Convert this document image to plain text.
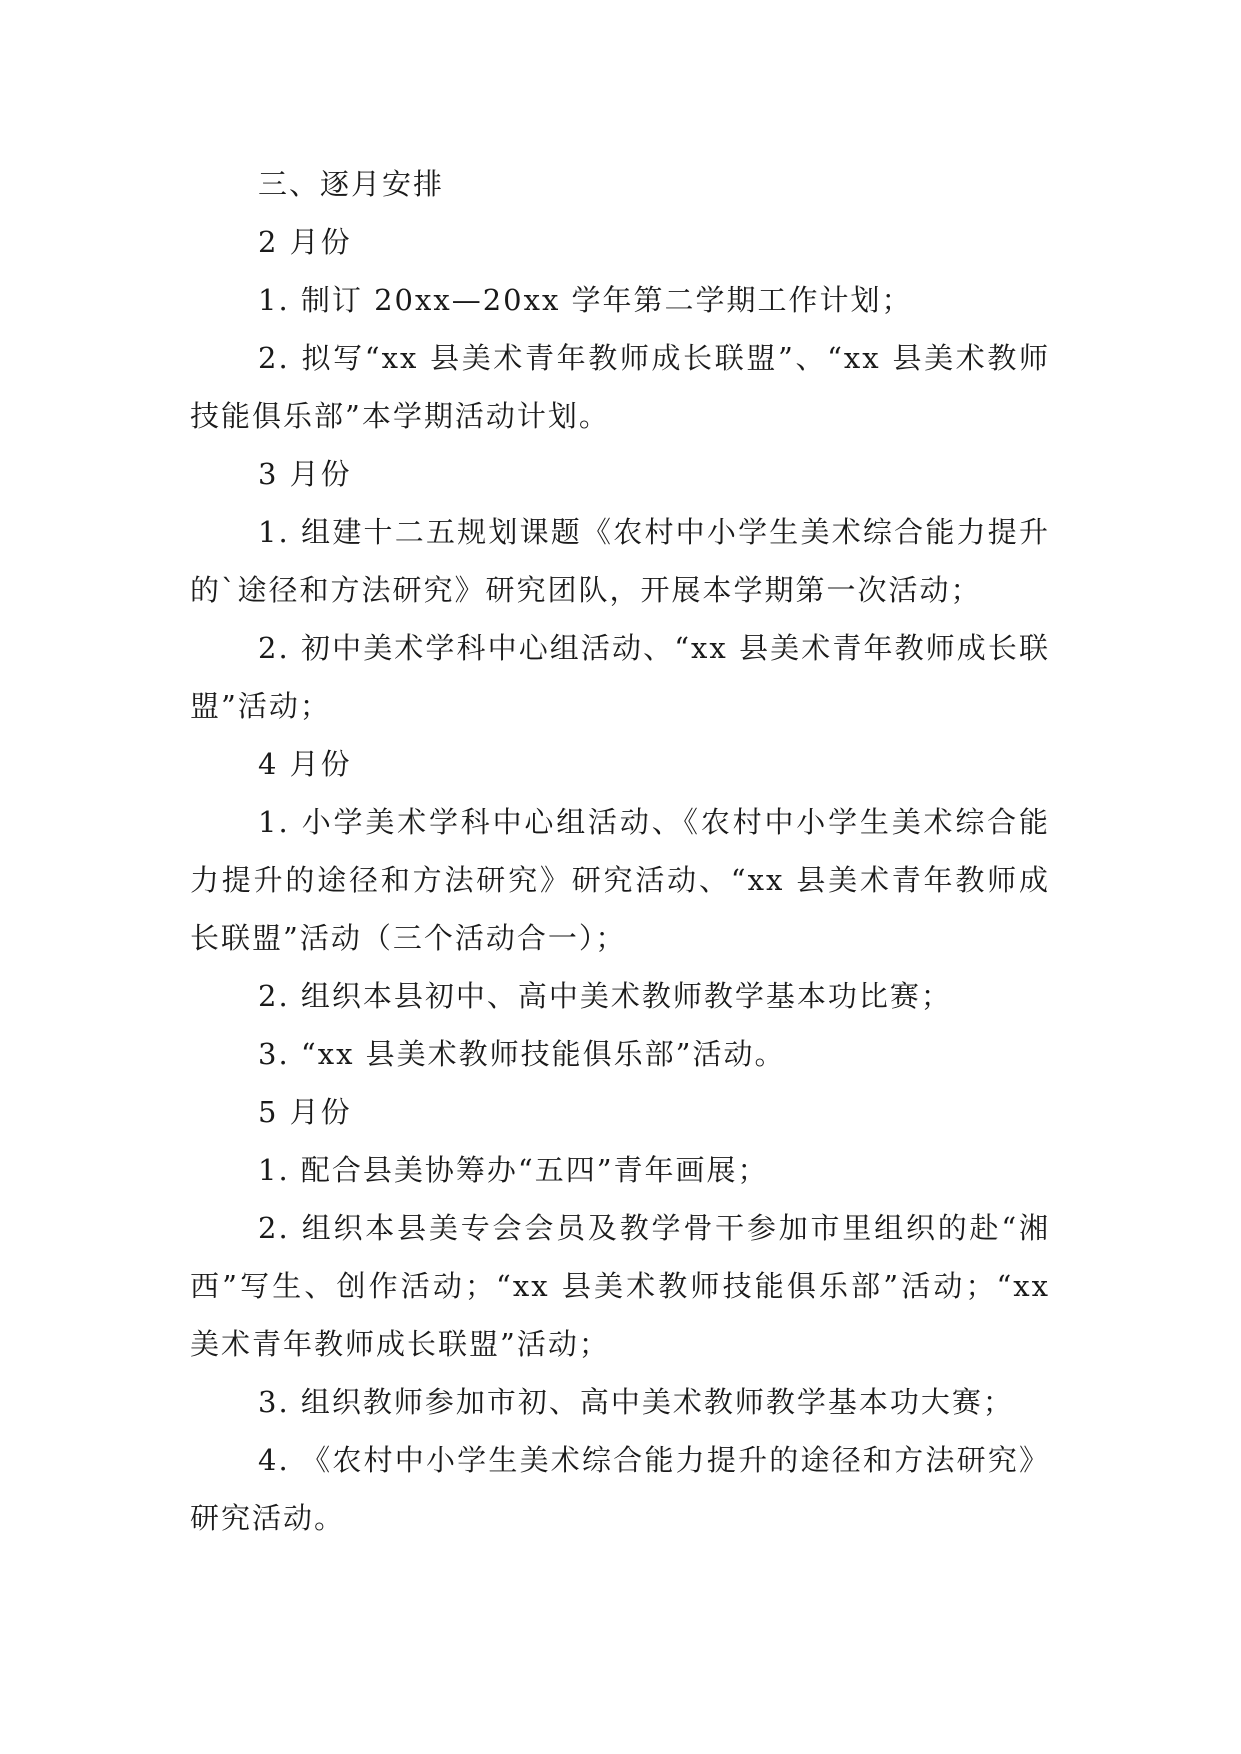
三、逐月安排

2 月份

1. 制订 20xx—20xx 学年第二学期工作计划；

2. 拟写“xx 县美术青年教师成长联盟”、“xx 县美术教师技能俱乐部”本学期活动计划。

3 月份

1. 组建十二五规划课题《农村中小学生美术综合能力提升的`途径和方法研究》研究团队，开展本学期第一次活动；

2. 初中美术学科中心组活动、“xx 县美术青年教师成长联盟”活动；

4 月份

1. 小学美术学科中心组活动、《农村中小学生美术综合能力提升的途径和方法研究》研究活动、“xx 县美术青年教师成长联盟”活动（三个活动合一）；

2. 组织本县初中、高中美术教师教学基本功比赛；

3. “xx 县美术教师技能俱乐部”活动。

5 月份

1. 配合县美协筹办“五四”青年画展；

2. 组织本县美专会会员及教学骨干参加市里组织的赴“湘西”写生、创作活动；“xx 县美术教师技能俱乐部”活动；“xx 美术青年教师成长联盟”活动；

3. 组织教师参加市初、高中美术教师教学基本功大赛；

4. 《农村中小学生美术综合能力提升的途径和方法研究》研究活动。
